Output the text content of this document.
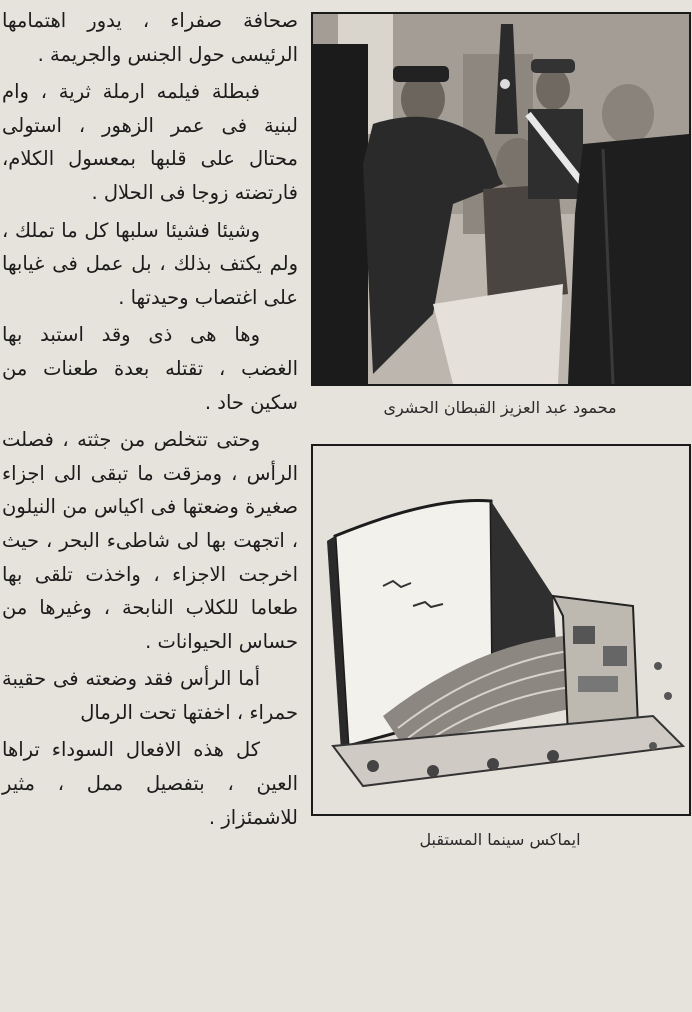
صحافة صفراء ، يدور اهتمامها الرئيسى حول الجنس والجريمة .

فبطلة فيلمه ارملة ثرية ، وام لبنية فى عمر الزهور ، استولى محتال على قلبها بمعسول الكلام، فارتضته زوجا فى الحلال .

وشيئا فشيئا سلبها كل ما تملك ، ولم يكتف بذلك ، بل عمل فى غيابها على اغتصاب وحيدتها .

وها هى ذى وقد استبد بها الغضب ، تقتله بعدة طعنات من سكين حاد .

وحتى تتخلص من جثته ، فصلت الرأس ، ومزقت ما تبقى الى اجزاء صغيرة وضعتها فى اكياس من النيلون ، اتجهت بها لى شاطىء البحر ، حيث اخرجت الاجزاء ، واخذت تلقى بها طعاما للكلاب النابحة ، وغيرها من حساس الحيوانات .

أما الرأس فقد وضعته فى حقيبة حمراء ، اخفتها تحت الرمال

كل هذه الافعال السوداء تراها العين ، بتفصيل ممل ، مثير للاشمئزاز .

محمود عبد العزيز القبطان الحشرى
ايماكس سينما المستقبل
